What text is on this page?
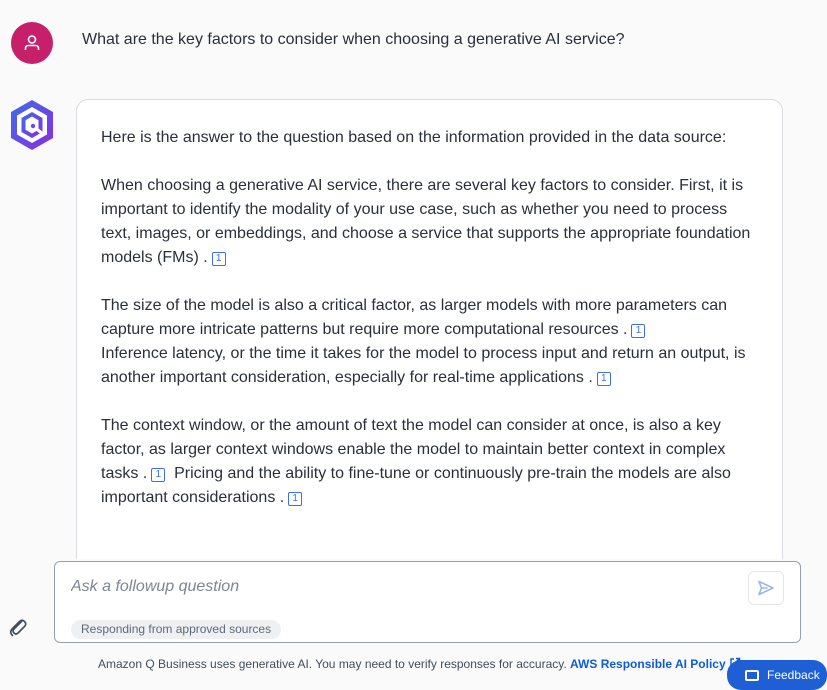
What are the key factors to consider when choosing a generative AI service?

Here is the answer to the question based on the information provided in the data source:

When choosing a generative AI service, there are several key factors to consider. First, it is important to identify the modality of your use case, such as whether you need to process text, images, or embeddings, and choose a service that supports the appropriate foundation models (FMs) . 1

The size of the model is also a critical factor, as larger models with more parameters can capture more intricate patterns but require more computational resources . 1
Inference latency, or the time it takes for the model to process input and return an output, is another important consideration, especially for real-time applications . 1

The context window, or the amount of text the model can consider at once, is also a key factor, as larger context windows enable the model to maintain better context in complex tasks . 1 Pricing and the ability to fine-tune or continuously pre-train the models are also important considerations . 1

Ask a followup question
Responding from approved sources
Amazon Q Business uses generative AI. You may need to verify responses for accuracy. AWS Responsible AI Policy
Feedback
